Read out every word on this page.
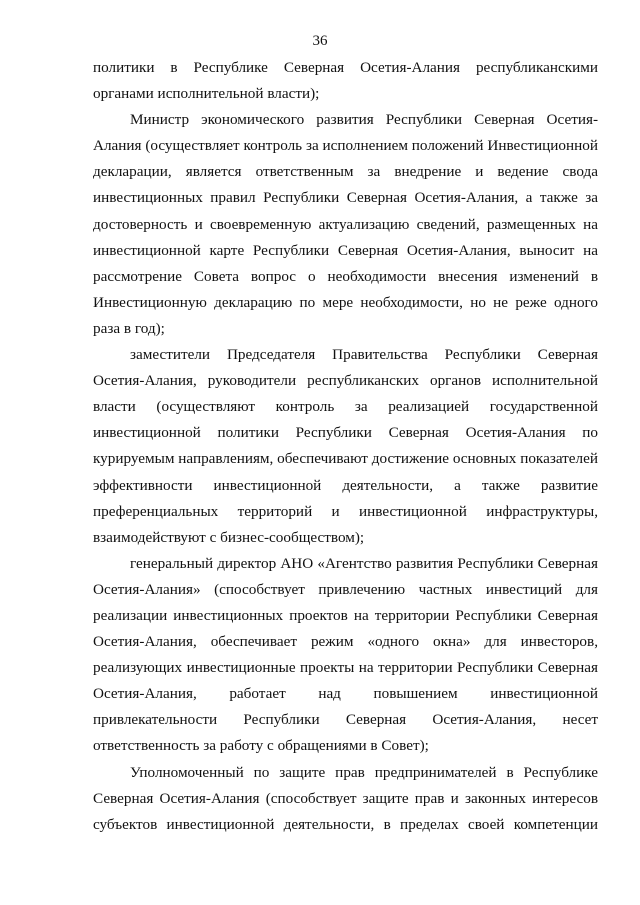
36

политики в Республике Северная Осетия-Алания республиканскими органами исполнительной власти);

Министр экономического развития Республики Северная Осетия-Алания (осуществляет контроль за исполнением положений Инвестиционной декларации, является ответственным за внедрение и ведение свода инвестиционных правил Республики Северная Осетия-Алания, а также за достоверность и своевременную актуализацию сведений, размещенных на инвестиционной карте Республики Северная Осетия-Алания, выносит на рассмотрение Совета вопрос о необходимости внесения изменений в Инвестиционную декларацию по мере необходимости, но не реже одного раза в год);

заместители Председателя Правительства Республики Северная Осетия-Алания, руководители республиканских органов исполнительной власти (осуществляют контроль за реализацией государственной инвестиционной политики Республики Северная Осетия-Алания по курируемым направлениям, обеспечивают достижение основных показателей эффективности инвестиционной деятельности, а также развитие преференциальных территорий и инвестиционной инфраструктуры, взаимодействуют с бизнес-сообществом);

генеральный директор АНО «Агентство развития Республики Северная Осетия-Алания» (способствует привлечению частных инвестиций для реализации инвестиционных проектов на территории Республики Северная Осетия-Алания, обеспечивает режим «одного окна» для инвесторов, реализующих инвестиционные проекты на территории Республики Северная Осетия-Алания, работает над повышением инвестиционной привлекательности Республики Северная Осетия-Алания, несет ответственность за работу с обращениями в Совет);

Уполномоченный по защите прав предпринимателей в Республике Северная Осетия-Алания (способствует защите прав и законных интересов субъектов инвестиционной деятельности, в пределах своей компетенции
